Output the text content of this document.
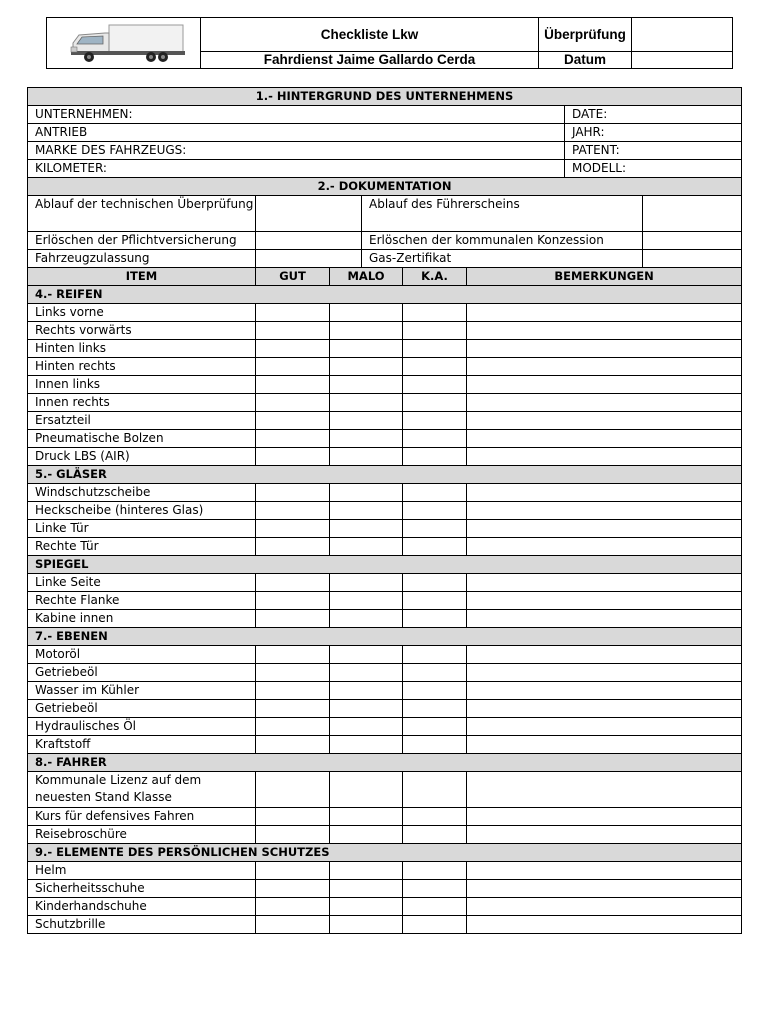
	Checkliste Lkw	Überprüfung	
	Fahrdienst Jaime Gallardo Cerda	Datum	
1.- HINTERGRUND DES UNTERNEHMENS							
UNTERNEHMEN:						DATE:	
ANTRIEB						JAHR:	
MARKE DES FAHRZEUGS:						PATENT:	
KILOMETER:						MODELL:	
2.- DOKUMENTATION							
Ablauf der technischen Überprüfung			Ablauf des Führerscheins				
Erlöschen der Pflichtversicherung			Erlöschen der kommunalen Konzession				
Fahrzeugzulassung			Gas-Zertifikat				
ITEM	GUT	MALO		K.A.	BEMERKUNGEN		
4.- REIFEN							
Links vorne							
Rechts vorwärts							
Hinten links							
Hinten rechts							
Innen links							
Innen rechts							
Ersatzteil							
Pneumatische Bolzen							
Druck LBS (AIR)							
5.- GLÄSER							
Windschutzscheibe							
Heckscheibe (hinteres Glas)							
Linke Tür							
Rechte Tür							
SPIEGEL							
Linke Seite							
Rechte Flanke							
Kabine innen							
7.- EBENEN							
Motoröl							
Getriebeöl							
Wasser im Kühler							
Getriebeöl							
Hydraulisches Öl							
Kraftstoff							
8.- FAHRER							
Kommunale Lizenz auf dem neuesten Stand Klasse							
Kurs für defensives Fahren							
Reisebroschüre							
9.- ELEMENTE DES PERSÖNLICHEN SCHUTZES							
Helm							
Sicherheitsschuhe							
Kinderhandschuhe							
Schutzbrille							
